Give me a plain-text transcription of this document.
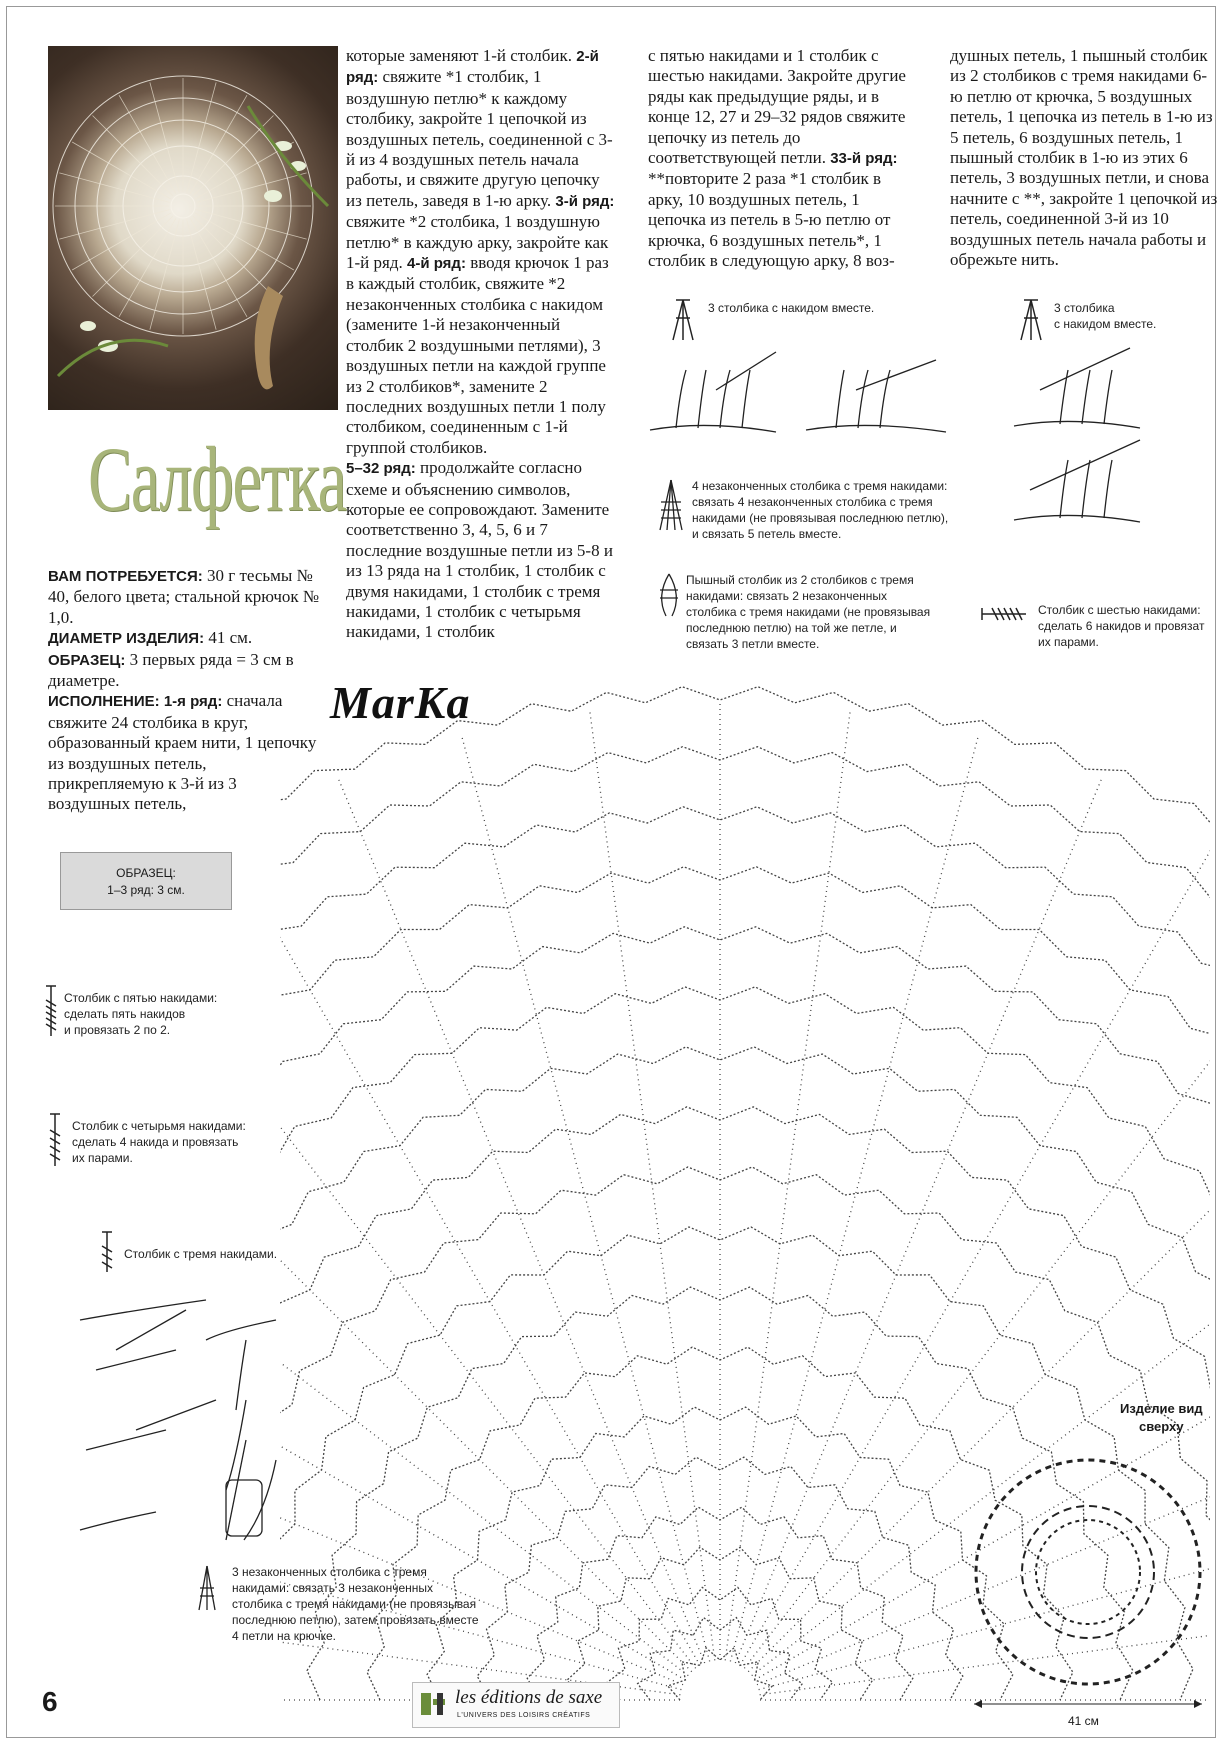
Салфетка

ВАМ ПОТРЕБУЕТСЯ: 30 г тесьмы № 40, белого цвета; стальной крючок № 1,0.

ДИАМЕТР ИЗДЕЛИЯ: 41 см.

ОБРАЗЕЦ: 3 первых ряда = 3 см в диаметре.

ИСПОЛНЕНИЕ: 1-я ряд: сначала свяжите 24 столбика в круг, образованный краем нити, 1 цепочку из воздушных петель, прикрепляемую к 3-й из 3 воздушных петель,

которые заменяют 1-й столбик. 2-й ряд: свяжите *1 столбик, 1 воздушную петлю* к каждому столбику, закройте 1 цепочкой из воздушных петель, соединенной с 3-й из 4 воздушных петель начала работы, и свяжите другую цепочку из петель, заведя в 1-ю арку. 3-й ряд: свяжите *2 столбика, 1 воздушную петлю* в каждую арку, закройте как 1-й ряд. 4-й ряд: вводя крючок 1 раз в каждый столбик, свяжите *2 незаконченных столбика с накидом (замените 1-й незаконченный столбик 2 воздушными петлями), 3 воздушных петли на каждой группе из 2 столбиков*, замените 2 последних воздушных петли 1 полу столбиком, соединенным с 1-й группой столбиков.

5–32 ряд: продолжайте согласно схеме и объяснению символов, которые ее сопровождают. Замените соответственно 3, 4, 5, 6 и 7 последние воздушные петли из 5-8 и из 13 ряда на 1 столбик, 1 столбик с двумя накидами, 1 столбик с тремя накидами, 1 столбик с четырьмя накидами, 1 столбик

с пятью накидами и 1 столбик с шестью накидами. Закройте другие ряды как предыдущие ряды, и в конце 12, 27 и 29–32 рядов свяжите цепочку из петель до соответствующей петли. 33-й ряд: **повторите 2 раза *1 столбик в арку, 10 воздушных петель, 1 цепочка из петель в 5-ю петлю от крючка, 6 воздушных петель*, 1 столбик в следующую арку, 8 воз-

душных петель, 1 пышный столбик из 2 столбиков с тремя накидами 6-ю петлю от крючка, 5 воздушных петель, 1 цепочка из петель в 1-ю из 5 петель, 6 воздушных петель, 1 пышный столбик в 1-ю из этих 6 петель, 3 воздушных петли, и снова начните с **, закройте 1 цепочкой из петель, соединенной 3-й из 10 воздушных петель начала работы и обрежьте нить.

3 столбика с накидом вместе.	3 столбика
с накидом вместе.
4 незаконченных столбика с тремя накидами:
связать 4 незаконченных столбика с тремя
накидами (не провязывая последнюю петлю),
и связать 5 петель вместе.
Пышный столбик из 2 столбиков с тремя
накидами: связать 2 незаконченных
столбика с тремя накидами (не провязывая
последнюю петлю) на той же петле, и
связать 3 петли вместе.
Столбик с шестью накидами:
сделать 6 накидов и провязат
их парами.
MarKa
ОБРАЗЕЦ:
1–3 ряд: 3 см.
Столбик с пятью накидами:
сделать пять накидов
и провязать 2 по 2.
Столбик с четырьмя накидами:
сделать 4 накида и провязать
их парами.
Столбик с тремя накидами.
3 незаконченных столбика с тремя
накидами: связать 3 незаконченных
столбика с тремя накидами (не провязывая
последнюю петлю), затем провязать вместе
4 петли на крючке.
Изделие вид
сверху
41 см
6	les éditions de saxe
L'UNIVERS DES LOISIRS CRÉATIFS
